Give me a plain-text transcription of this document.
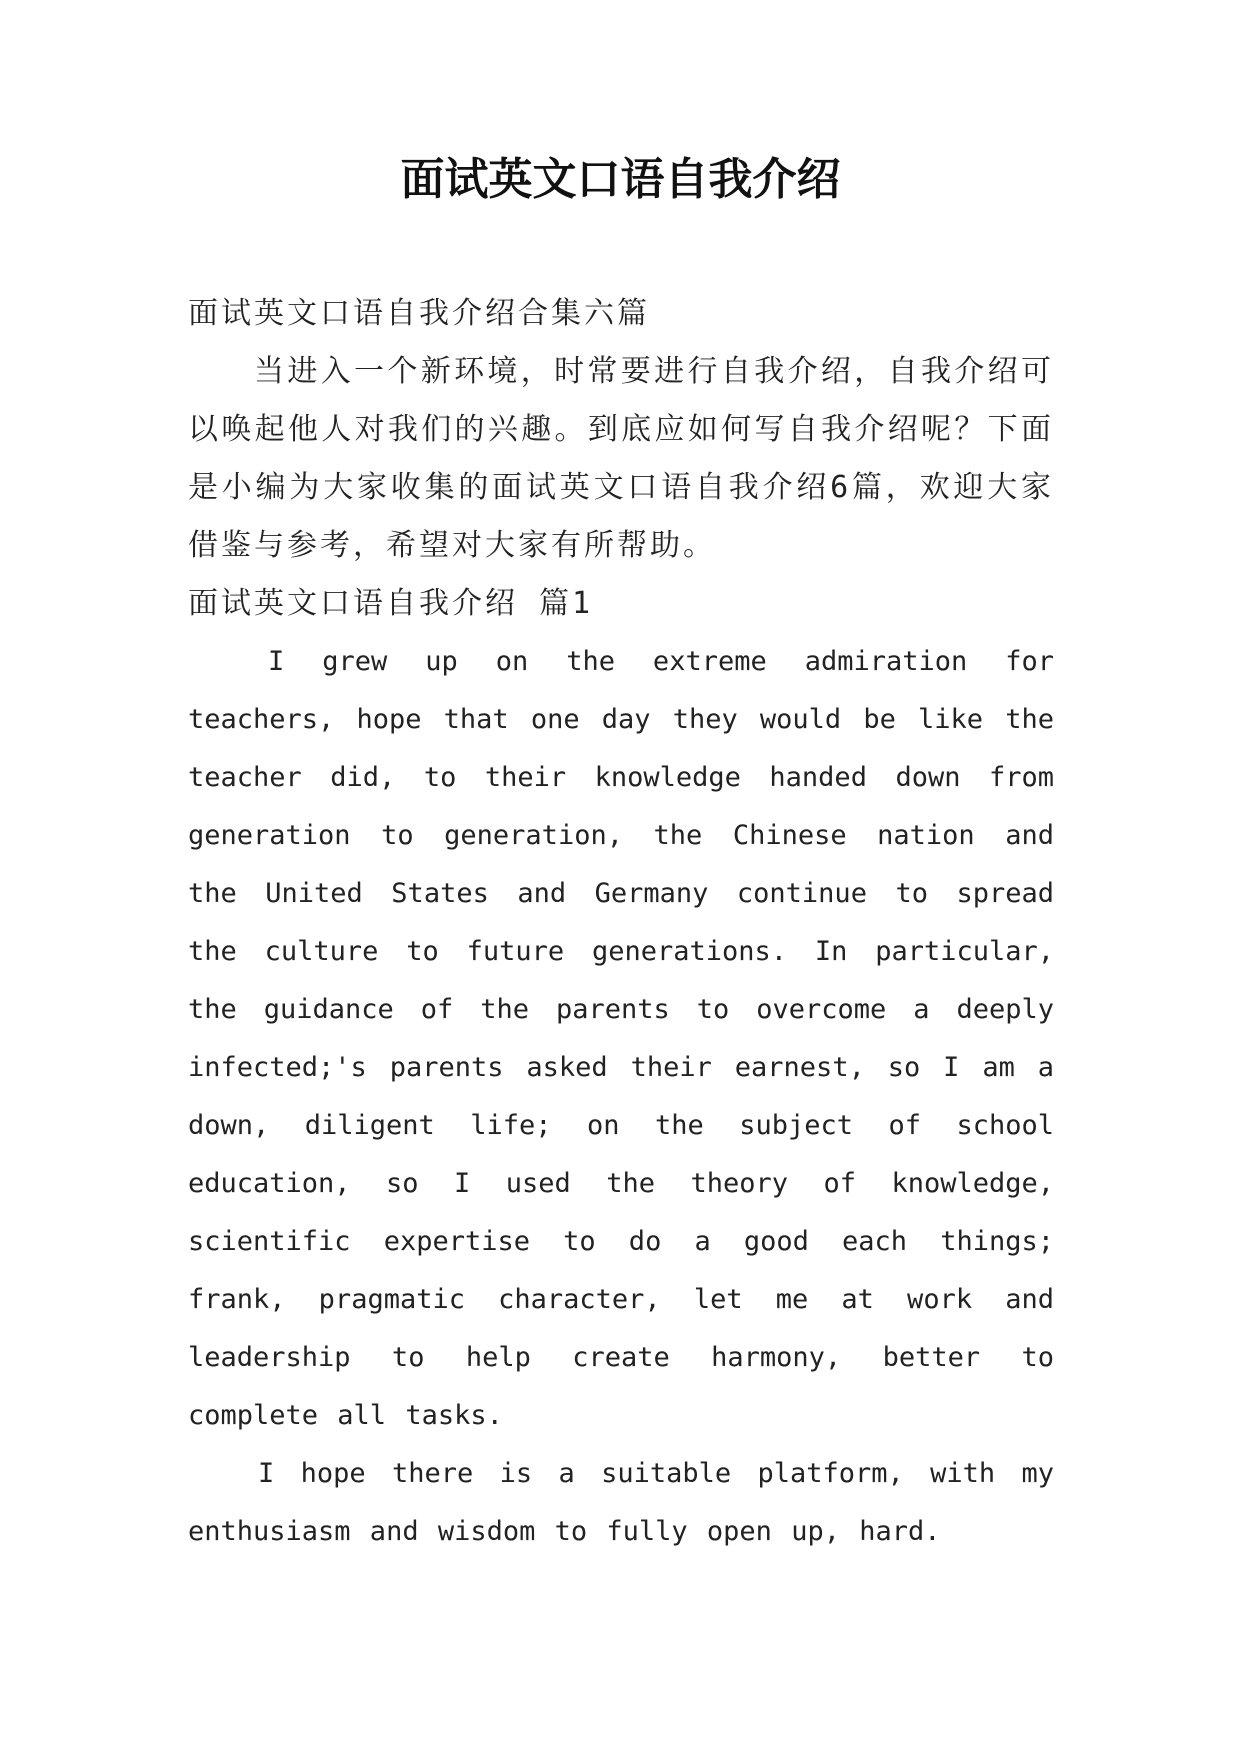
面试英文口语自我介绍

面试英文口语自我介绍合集六篇

当进入一个新环境，时常要进行自我介绍，自我介绍可以唤起他人对我们的兴趣。到底应如何写自我介绍呢？下面是小编为大家收集的面试英文口语自我介绍6篇，欢迎大家借鉴与参考，希望对大家有所帮助。

面试英文口语自我介绍 篇1

I grew up on the extreme admiration for teachers, hope that one day they would be like the teacher did, to their knowledge handed down from generation to generation, the Chinese nation and the United States and Germany continue to spread the culture to future generations. In particular, the guidance of the parents to overcome a deeply infected;'s parents asked their earnest, so I am a down, diligent life; on the subject of school education, so I used the theory of knowledge, scientific expertise to do a good each things; frank, pragmatic character, let me at work and leadership to help create harmony, better to complete all tasks.

I hope there is a suitable platform, with my enthusiasm and wisdom to fully open up, hard.
